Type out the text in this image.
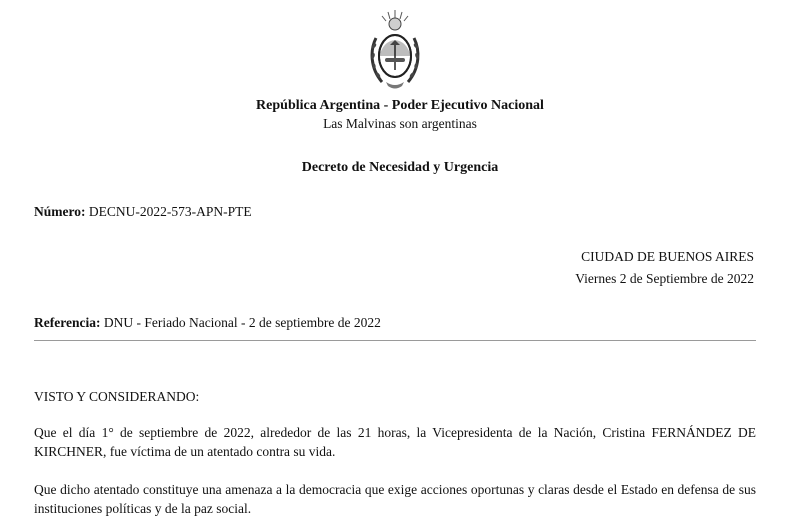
República Argentina - Poder Ejecutivo Nacional
Las Malvinas son argentinas
Decreto de Necesidad y Urgencia
Número: DECNU-2022-573-APN-PTE
CIUDAD DE BUENOS AIRES
Viernes 2 de Septiembre de 2022
Referencia: DNU - Feriado Nacional - 2 de septiembre de 2022
VISTO Y CONSIDERANDO:
Que el día 1° de septiembre de 2022, alrededor de las 21 horas, la Vicepresidenta de la Nación, Cristina FERNÁNDEZ DE KIRCHNER, fue víctima de un atentado contra su vida.
Que dicho atentado constituye una amenaza a la democracia que exige acciones oportunas y claras desde el Estado en defensa de sus instituciones políticas y de la paz social.
